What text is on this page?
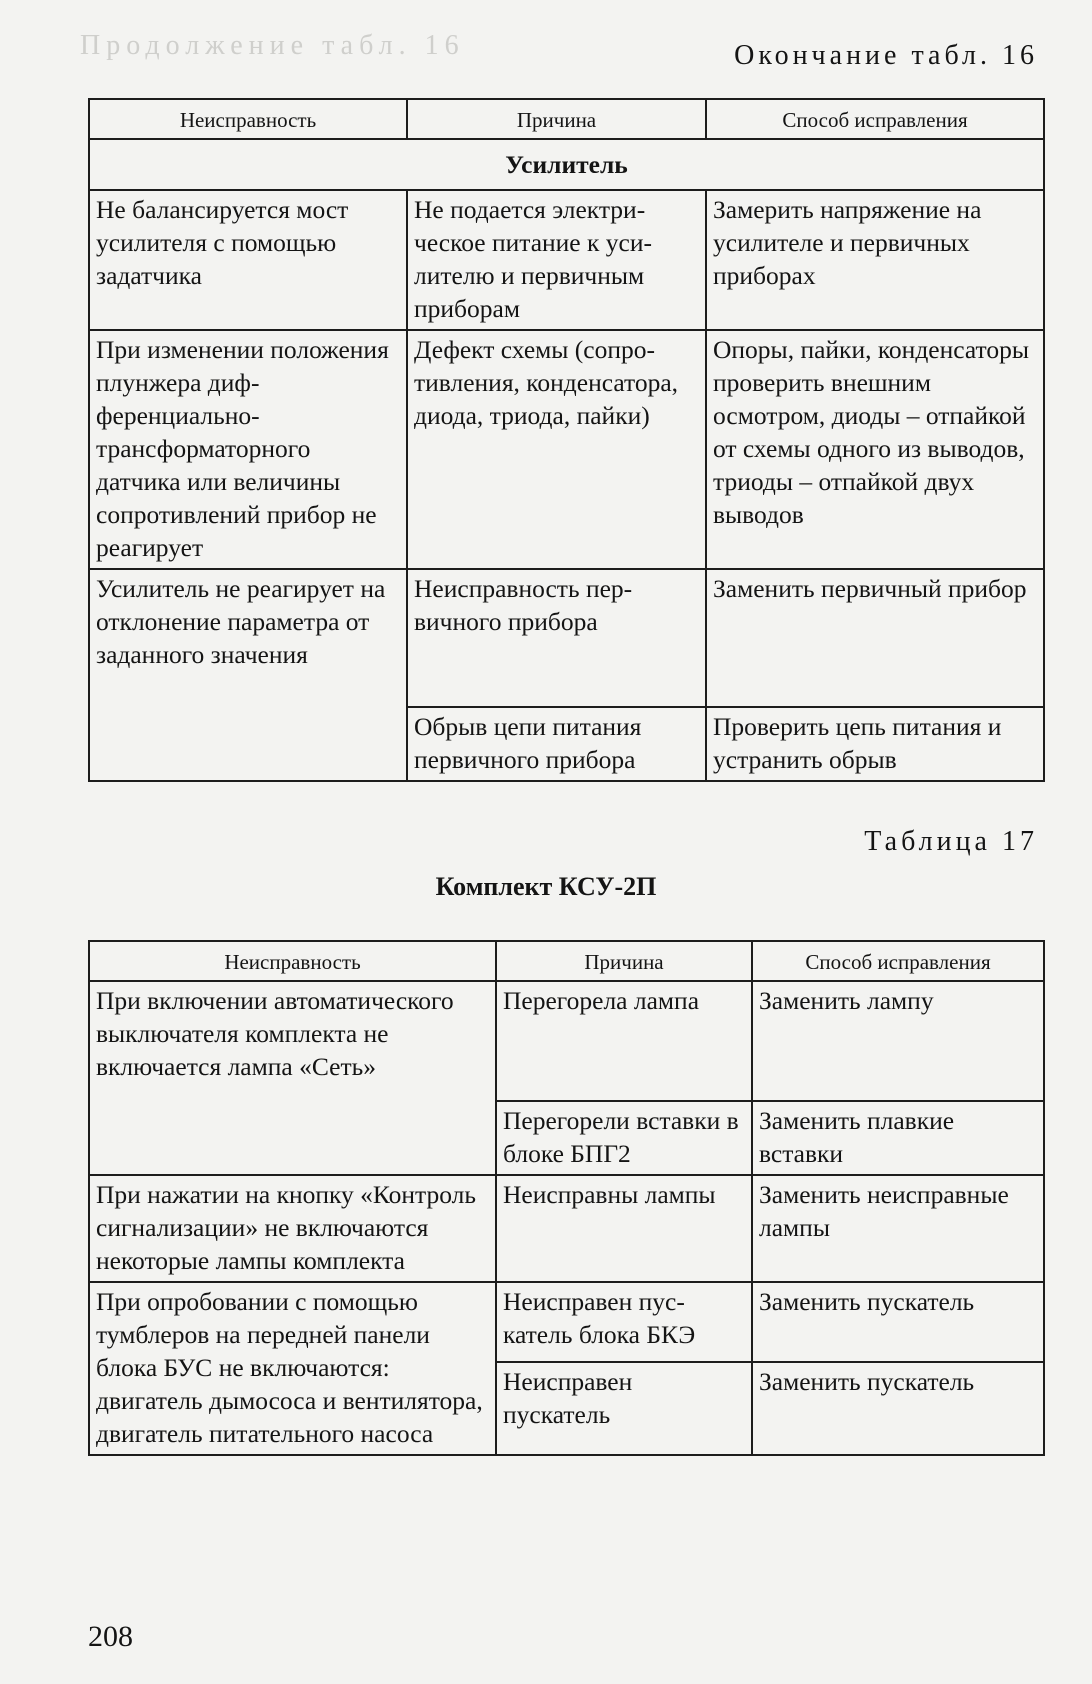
Продолжение табл. 16	Окончание табл. 16
Неисправность	Причина	Способ исправления
Усилитель		
Не балансируется мост усилителя с помощью задатчика	Не подается электрическое питание к усилителю и первичным приборам	Замерить напряжение на усилителе и первичных приборах
При изменении положения плунжера дифференциально-трансформаторного датчика или величины сопротивлений прибор не реагирует	Дефект схемы (сопротивления, конденсатора, диода, триода, пайки)	Опоры, пайки, конденсаторы проверить внешним осмотром, диоды – отпайкой от схемы одного из выводов, триоды – отпайкой двух выводов
Усилитель не реагирует на отклонение параметра от заданного значения	Неисправность первичного прибора	Заменить первичный прибор
	Обрыв цепи питания первичного прибора	Проверить цепь питания и устранить обрыв
Таблица 17
Комплект КСУ-2П
Неисправность	Причина	Способ исправления
При включении автоматического выключателя комплекта не включается лампа «Сеть»	Перегорела лампа	Заменить лампу
	Перегорели вставки в блоке БПГ2	Заменить плавкие вставки
При нажатии на кнопку «Контроль сигнализации» не включаются некоторые лампы комплекта	Неисправны лампы	Заменить неисправные лампы
При опробовании с помощью тумблеров на передней панели блока БУС не включаются: двигатель дымососа и вентилятора, двигатель питательного насоса	Неисправен пускатель блока БКЭ	Заменить пускатель
	Неисправен пускатель	Заменить пускатель
208
